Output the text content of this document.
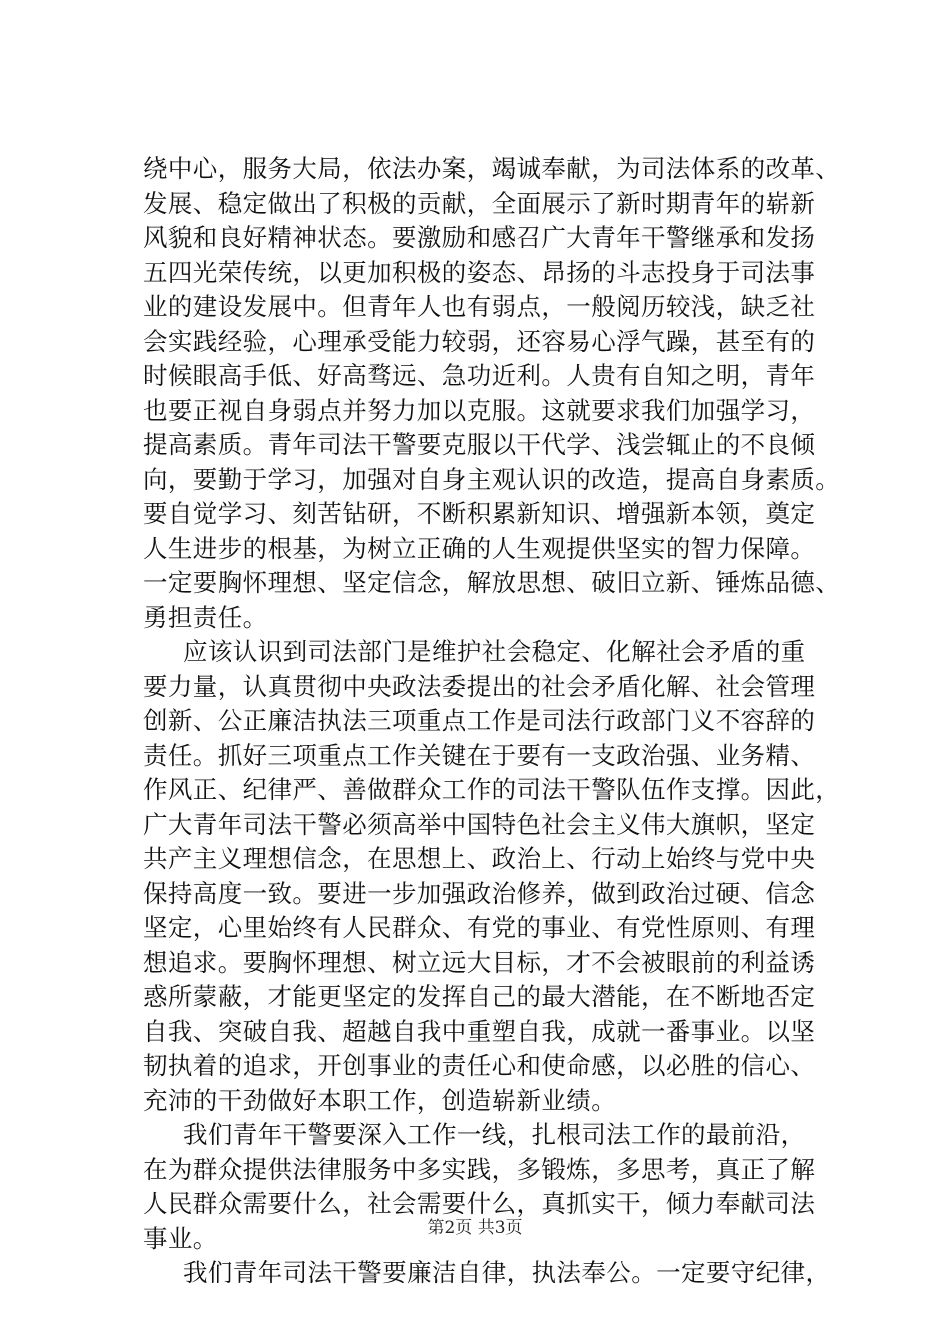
绕中心，服务大局，依法办案，竭诚奉献，为司法体系的改革、
发展、稳定做出了积极的贡献，全面展示了新时期青年的崭新
风貌和良好精神状态。要激励和感召广大青年干警继承和发扬
五四光荣传统，以更加积极的姿态、昂扬的斗志投身于司法事
业的建设发展中。但青年人也有弱点，一般阅历较浅，缺乏社
会实践经验，心理承受能力较弱，还容易心浮气躁，甚至有的
时候眼高手低、好高骛远、急功近利。人贵有自知之明，青年
也要正视自身弱点并努力加以克服。这就要求我们加强学习，
提高素质。青年司法干警要克服以干代学、浅尝辄止的不良倾
向，要勤于学习，加强对自身主观认识的改造，提高自身素质。
要自觉学习、刻苦钻研，不断积累新知识、增强新本领，奠定
人生进步的根基，为树立正确的人生观提供坚实的智力保障。
一定要胸怀理想、坚定信念，解放思想、破旧立新、锤炼品德、
勇担责任。
应该认识到司法部门是维护社会稳定、化解社会矛盾的重
要力量，认真贯彻中央政法委提出的社会矛盾化解、社会管理
创新、公正廉洁执法三项重点工作是司法行政部门义不容辞的
责任。抓好三项重点工作关键在于要有一支政治强、业务精、
作风正、纪律严、善做群众工作的司法干警队伍作支撑。因此，
广大青年司法干警必须高举中国特色社会主义伟大旗帜，坚定
共产主义理想信念，在思想上、政治上、行动上始终与党中央
保持高度一致。要进一步加强政治修养，做到政治过硬、信念
坚定，心里始终有人民群众、有党的事业、有党性原则、有理
想追求。要胸怀理想、树立远大目标，才不会被眼前的利益诱
惑所蒙蔽，才能更坚定的发挥自己的最大潜能，在不断地否定
自我、突破自我、超越自我中重塑自我，成就一番事业。以坚
韧执着的追求，开创事业的责任心和使命感，以必胜的信心、
充沛的干劲做好本职工作，创造崭新业绩。
我们青年干警要深入工作一线，扎根司法工作的最前沿，
在为群众提供法律服务中多实践，多锻炼，多思考，真正了解
人民群众需要什么，社会需要什么，真抓实干，倾力奉献司法
事业。
我们青年司法干警要廉洁自律，执法奉公。一定要守纪律，
第2页 共3页
